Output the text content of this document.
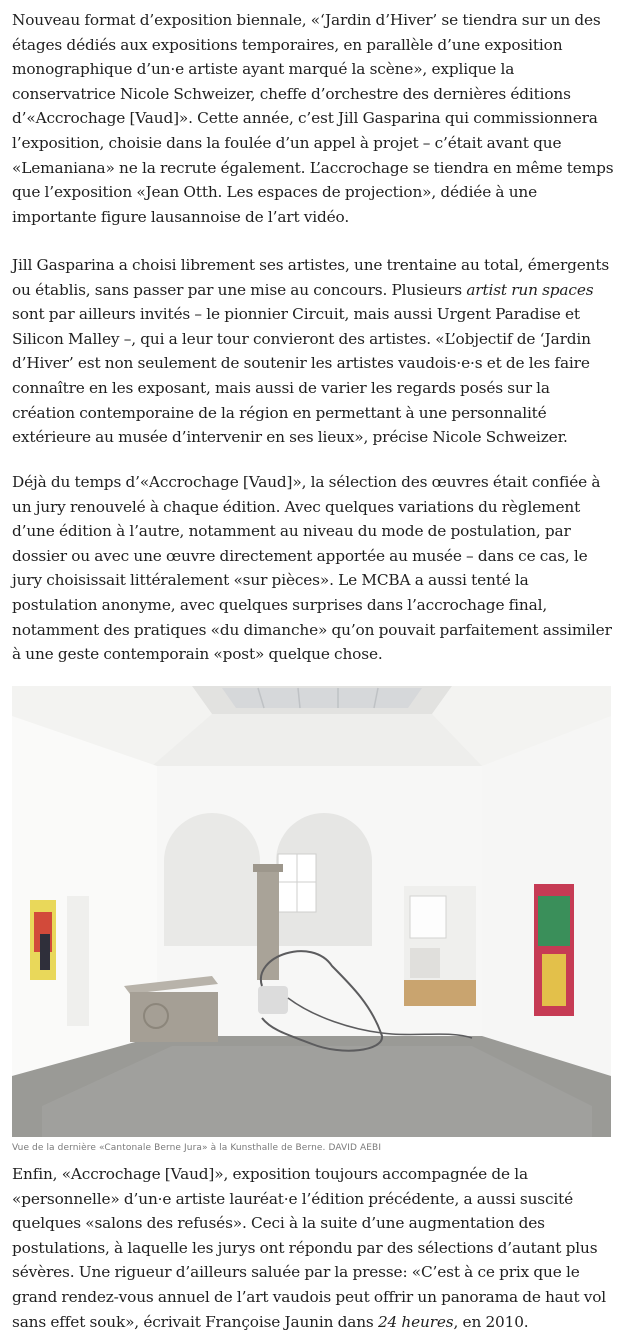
Nouveau format d’exposition biennale, «‘Jardin d’Hiver’ se tiendra sur un des étages dédiés aux expositions temporaires, en parallèle d’une exposition monographique d’un·e artiste ayant marqué la scène», explique la conservatrice Nicole Schweizer, cheffe d’orchestre des dernières éditions d’«Accrochage [Vaud]». Cette année, c’est Jill Gasparina qui commissionnera l’exposition, choisie dans la foulée d’un appel à projet – c’était avant que «Lemaniana» ne la recrute également. L’accrochage se tiendra en même temps que l’exposition «Jean Otth. Les espaces de projection», dédiée à une importante figure lausannoise de l’art vidéo.

Jill Gasparina a choisi librement ses artistes, une trentaine au total, émergents ou établis, sans passer par une mise au concours. Plusieurs artist run spaces sont par ailleurs invités – le pionnier Circuit, mais aussi Urgent Paradise et Silicon Malley –, qui a leur tour convieront des artistes. «L’objectif de ‘Jardin d’Hiver’ est non seulement de soutenir les artistes vaudois·e·s et de les faire connaître en les exposant, mais aussi de varier les regards posés sur la création contemporaine de la région en permettant à une personnalité extérieure au musée d’intervenir en ses lieux», précise Nicole Schweizer.

Déjà du temps d’«Accrochage [Vaud]», la sélection des œuvres était confiée à un jury renouvelé à chaque édition. Avec quelques variations du règlement d’une édition à l’autre, notamment au niveau du mode de postulation, par dossier ou avec une œuvre directement apportée au musée – dans ce cas, le jury choisissait littéralement «sur pièces». Le MCBA a aussi tenté la postulation anonyme, avec quelques surprises dans l’accrochage final, notamment des pratiques «du dimanche» qu’on pouvait parfaitement assimiler à une geste contemporain «post» quelque chose.

Vue de la dernière «Cantonale Berne Jura» à la Kunsthalle de Berne. DAVID AEBI

Enfin, «Accrochage [Vaud]», exposition toujours accompagnée de la «personnelle» d’un·e artiste lauréat·e l’édition précédente, a aussi suscité quelques «salons des refusés». Ceci à la suite d’une augmentation des postulations, à laquelle les jurys ont répondu par des sélections d’autant plus sévères. Une rigueur d’ailleurs saluée par la presse: «C’est à ce prix que le grand rendez-vous annuel de l’art vaudois peut offrir un panorama de haut vol sans effet souk», écrivait Françoise Jaunin dans 24 heures, en 2010.
